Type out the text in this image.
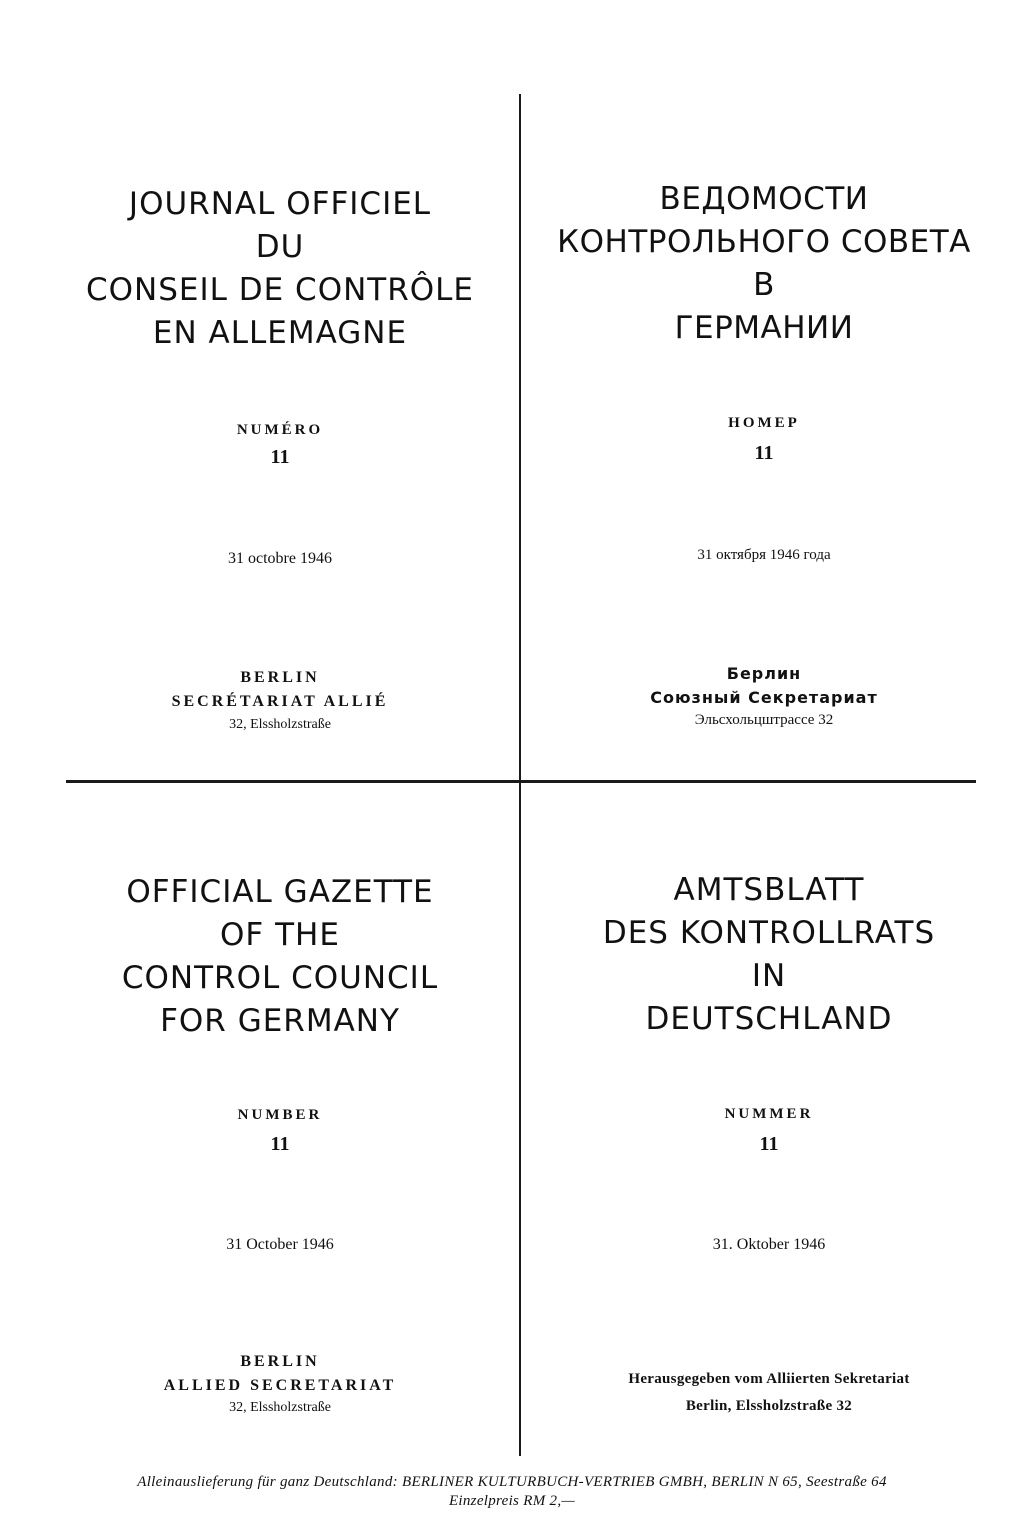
JOURNAL OFFICIEL
DU
CONSEIL DE CONTRÔLE
EN ALLEMAGNE
NUMÉRO
11
31 octobre 1946
BERLIN
SECRÉTARIAT ALLIÉ
32, Elssholzstraße
ВЕДОМОСТИ
КОНТРОЛЬНОГО СОВЕТА
В
ГЕРМАНИИ
НОМЕР
11
31 октября 1946 года
Берлин
Союзный Секретариат
Эльсхольцштрассе 32
OFFICIAL GAZETTE
OF THE
CONTROL COUNCIL
FOR GERMANY
NUMBER
11
31 October 1946
BERLIN
ALLIED SECRETARIAT
32, Elssholzstraße
AMTSBLATT
DES KONTROLLRATS
IN
DEUTSCHLAND
NUMMER
11
31. Oktober 1946
Herausgegeben vom Alliierten Sekretariat
Berlin, Elssholzstraße 32
Alleinauslieferung für ganz Deutschland: BERLINER KULTURBUCH-VERTRIEB GMBH, BERLIN N 65, Seestraße 64
Einzelpreis RM 2,—
